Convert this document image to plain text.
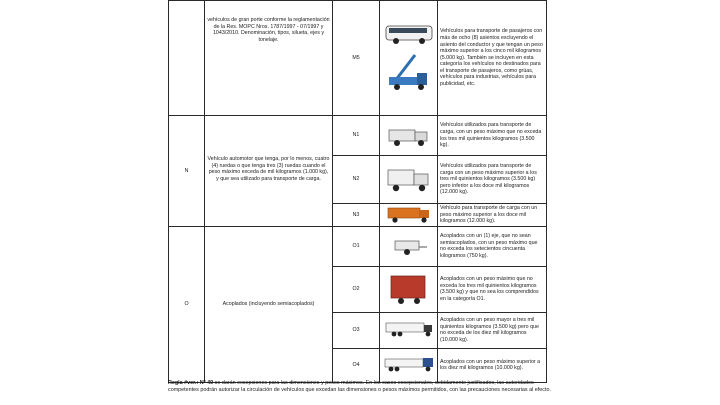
	vehículos de gran porte conforme la reglamentación de la Res. MOPC Nros. 1787/1997 - 07/1997 y 1043/2010. Denominación, tipos, silueta, ejes y tonelaje.	M5		Vehículos para transporte de pasajeros con más de ocho (8) asientos excluyendo el asiento del conductor y que tengan un peso máximo superior a los cinco mil kilogramos (5.000 kg). También se incluyen en esta categoría los vehículos no destinados para el transporte de pasajeros, como grúas, vehículos para industrias, vehículos para publicidad, etc.
N	Vehículo automotor que tenga, por lo menos, cuatro (4) ruedas o que tenga tres (3) ruedas cuando el peso máximo exceda de mil kilogramos (1.000 kg), y que sea utilizado para transporte de carga.	N1		Vehículos utilizados para transporte de carga, con un peso máximo que no exceda los tres mil quinientos kilogramos (3.500 kg).
		N2		Vehículos utilizados para transporte de carga con un peso máximo superior a los tres mil quinientos kilogramos (3.500 kg) pero inferior a los doce mil kilogramos (12.000 kg).
		N3		Vehículo para transporte de carga con un peso máximo superior a los doce mil kilogramos (12.000 kg).
O	Acoplados (incluyendo semiacoplados)	O1		Acoplados con un (1) eje, que no sean semiacoplados, con un peso máximo que no exceda los setecientos cincuenta kilogramos (750 kg).
		O2		Acoplados con un peso máximo que no exceda los tres mil quinientos kilogramos (3.500 kg) y que no sea los comprendidos en la categoría O1.
		O3		Acoplados con un peso mayor a tres mil quinientos kilogramos (3.500 kg) pero que no exceda de los diez mil kilogramos (10.000 kg).
		O4		Acoplados con un peso máximo superior a los diez mil kilogramos (10.000 kg).
Regla #ver.: Nº 49 se darán excepciones para las dimensiones y pesos máximos. En los casos excepcionales, debidamente justificados, las autoridades competentes podrán autorizar la circulación de vehículos que excedan las dimensiones o pesos máximos permitidos, con las precauciones necesarias al efecto.
